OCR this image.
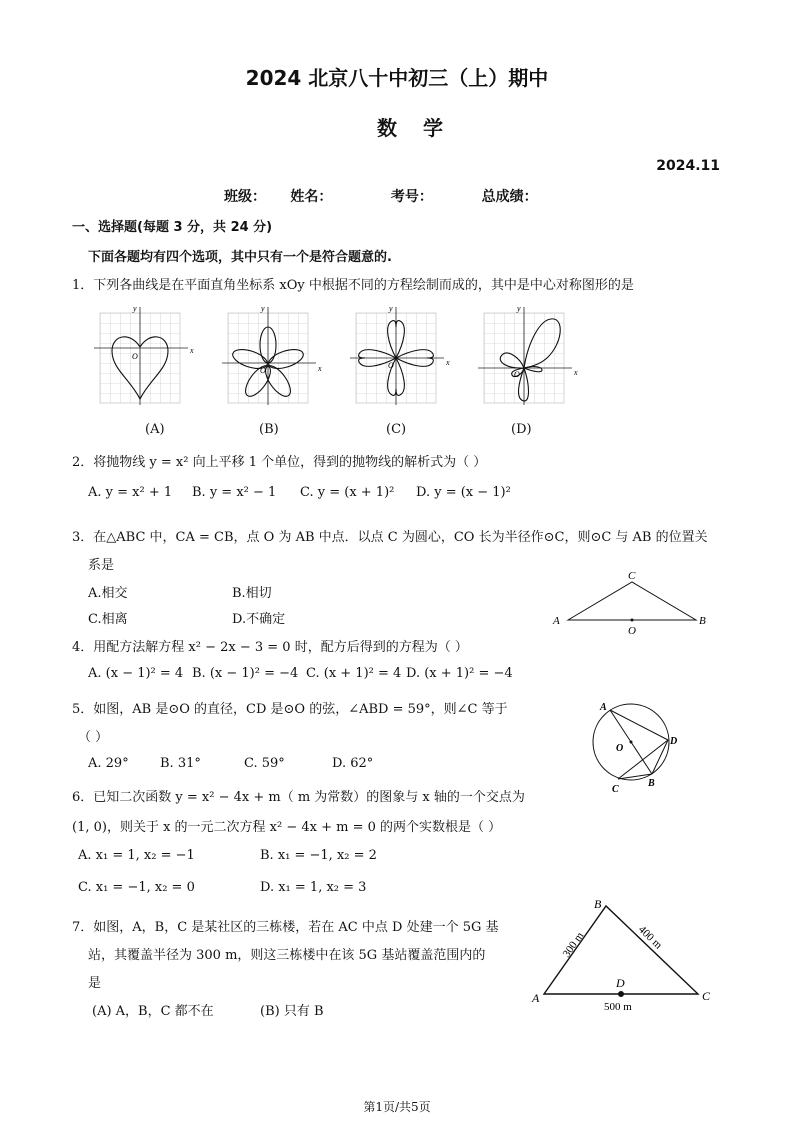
2024 北京八十中初三（上）期中
数学
2024.11
班级：     姓名：            考号：          总成绩：
一、选择题(每题 3 分，共 24 分)
下面各题均有四个选项，其中只有一个是符合题意的.
1．下列各曲线是在平面直角坐标系 xOy 中根据不同的方程绘制而成的，其中是中心对称图形的是
x
y
O
x
y
O
x
y
O
x
y
O
(A)	(B)	(C)	(D)
2．将抛物线 y = x² 向上平移 1 个单位，得到的抛物线的解析式为（ ）
A. y = x² + 1 B. y = x² − 1 C. y = (x + 1)² D. y = (x − 1)²
3．在△ABC 中，CA = CB，点 O 为 AB 中点．以点 C 为圆心，CO 长为半径作⊙C，则⊙C 与 AB 的位置关
系是
A.相交	B.相切
C.相离	D.不确定	A
C
B
O
4．用配方法解方程 x² − 2x − 3 = 0 时，配方后得到的方程为（ ）
A. (x − 1)² = 4 B. (x − 1)² = −4 C. (x + 1)² = 4 D. (x + 1)² = −4
5．如图，AB 是⊙O 的直径，CD 是⊙O 的弦，∠ABD = 59°，则∠C 等于
（ ）
A. 29° B. 31°	C. 59°	D. 62°
A
O
D
B
C
6．已知二次函数 y = x² − 4x + m（ m 为常数）的图象与 x 轴的一个交点为
(1, 0)，则关于 x 的一元二次方程 x² − 4x + m = 0 的两个实数根是（ ）
A. x₁ = 1, x₂ = −1	B. x₁ = −1, x₂ = 2
C. x₁ = −1, x₂ = 0	D. x₁ = 1, x₂ = 3
7．如图，A，B，C 是某社区的三栋楼，若在 AC 中点 D 处建一个 5G 基
站，其覆盖半径为 300 m，则这三栋楼中在该 5G 基站覆盖范围内的
是
(A) A，B，C 都不在	(B) 只有 B
A
B
C
D
300 m	400 m
500 m
第1页/共5页
